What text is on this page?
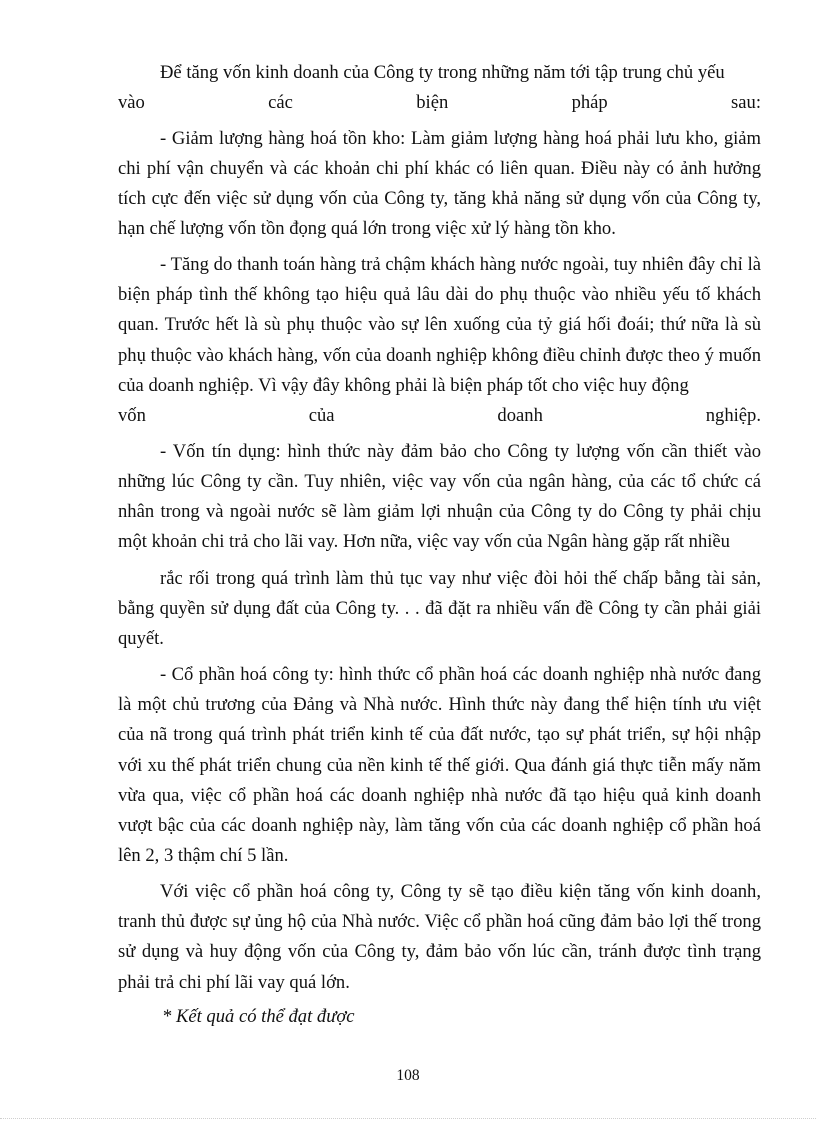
Để tăng vốn kinh doanh của Công ty trong những năm tới tập trung chủ yếu

vào các biện pháp sau:

- Giảm lượng hàng hoá tồn kho: Làm giảm lượng hàng hoá phải lưu kho, giảm chi phí vận chuyển và các khoản chi phí khác có liên quan. Điều này có ảnh hưởng tích cực đến việc sử dụng vốn của Công ty, tăng khả năng sử dụng vốn của Công ty, hạn chế lượng vốn tồn đọng quá lớn trong việc xử lý hàng tồn kho.

- Tăng do thanh toán hàng trả chậm khách hàng nước ngoài, tuy nhiên đây chỉ là biện pháp tình thế không tạo hiệu quả lâu dài do phụ thuộc vào nhiều yếu tố khách quan. Trước hết là sù phụ thuộc vào sự lên xuống của tỷ giá hối đoái; thứ nữa là sù phụ thuộc vào khách hàng, vốn của doanh nghiệp không điều chỉnh được theo ý muốn của doanh nghiệp. Vì vậy đây không phải là biện pháp tốt cho việc huy động

vốn của doanh nghiệp.

- Vốn tín dụng: hình thức này đảm bảo cho Công ty lượng vốn cần thiết vào những lúc Công ty cần. Tuy nhiên, việc vay vốn của ngân hàng, của các tổ chức cá nhân trong và ngoài nước sẽ làm giảm lợi nhuận của Công ty do Công ty phải chịu một khoản chi trả cho lãi vay. Hơn nữa, việc vay vốn của Ngân hàng gặp rất nhiều

rắc rối trong quá trình làm thủ tục vay như việc đòi hỏi thế chấp bằng tài sản, bằng quyền sử dụng đất của Công ty. . . đã đặt ra nhiều vấn đề Công ty cần phải giải quyết.

- Cổ phần hoá công ty: hình thức cổ phần hoá các doanh nghiệp nhà nước đang là một chủ trương của Đảng và Nhà nước. Hình thức này đang thể hiện tính ưu việt của nã trong quá trình phát triển kinh tế của đất nước, tạo sự phát triển, sự hội nhập với xu thế phát triển chung của nền kinh tế thế giới. Qua đánh giá thực tiễn mấy năm vừa qua, việc cổ phần hoá các doanh nghiệp nhà nước đã tạo hiệu quả kinh doanh vượt bậc của các doanh nghiệp này, làm tăng vốn của các doanh nghiệp cổ phần hoá lên 2, 3 thậm chí 5 lần.

Với việc cổ phần hoá công ty, Công ty sẽ tạo điều kiện tăng vốn kinh doanh, tranh thủ được sự ủng hộ của Nhà nước. Việc cổ phần hoá cũng đảm bảo lợi thế trong sử dụng và huy động vốn của Công ty, đảm bảo vốn lúc cần, tránh được tình trạng phải trả chi phí lãi vay quá lớn.

* Kết quả có thể đạt được

108
